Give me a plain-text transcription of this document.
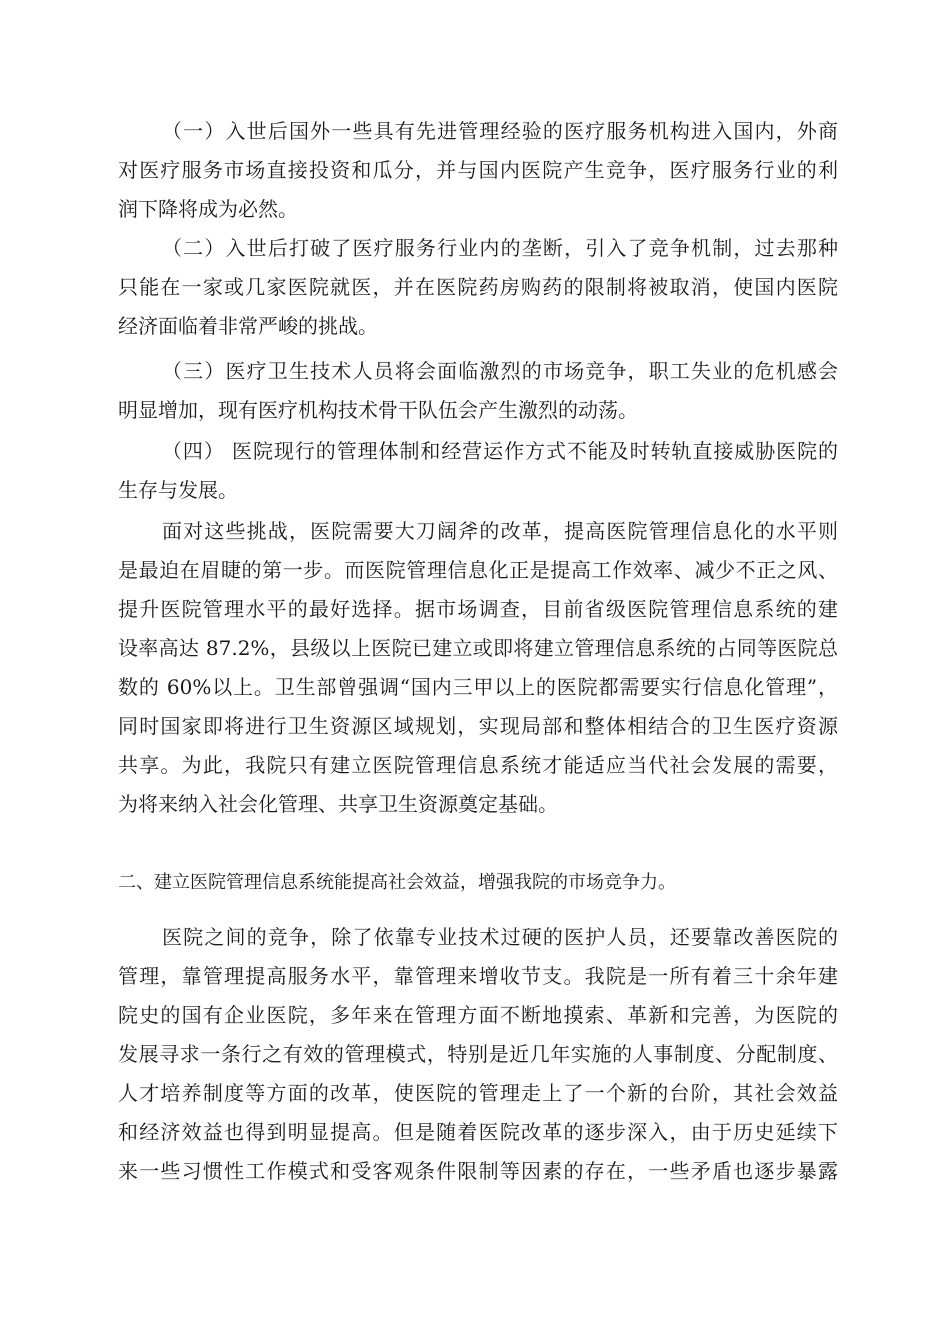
（一）入世后国外一些具有先进管理经验的医疗服务机构进入国内，外商
对医疗服务市场直接投资和瓜分，并与国内医院产生竞争，医疗服务行业的利
润下降将成为必然。
（二）入世后打破了医疗服务行业内的垄断，引入了竞争机制，过去那种
只能在一家或几家医院就医，并在医院药房购药的限制将被取消，使国内医院
经济面临着非常严峻的挑战。
（三）医疗卫生技术人员将会面临激烈的市场竞争，职工失业的危机感会
明显增加，现有医疗机构技术骨干队伍会产生激烈的动荡。
（四） 医院现行的管理体制和经营运作方式不能及时转轨直接威胁医院的
生存与发展。
面对这些挑战，医院需要大刀阔斧的改革，提高医院管理信息化的水平则
是最迫在眉睫的第一步。而医院管理信息化正是提高工作效率、减少不正之风、
提升医院管理水平的最好选择。据市场调查，目前省级医院管理信息系统的建
设率高达 87.2%，县级以上医院已建立或即将建立管理信息系统的占同等医院总
数的 60%以上。卫生部曾强调“国内三甲以上的医院都需要实行信息化管理”，
同时国家即将进行卫生资源区域规划，实现局部和整体相结合的卫生医疗资源
共享。为此，我院只有建立医院管理信息系统才能适应当代社会发展的需要，
为将来纳入社会化管理、共享卫生资源奠定基础。
二、建立医院管理信息系统能提高社会效益，增强我院的市场竞争力。
医院之间的竞争，除了依靠专业技术过硬的医护人员，还要靠改善医院的
管理，靠管理提高服务水平，靠管理来增收节支。我院是一所有着三十余年建
院史的国有企业医院，多年来在管理方面不断地摸索、革新和完善，为医院的
发展寻求一条行之有效的管理模式，特别是近几年实施的人事制度、分配制度、
人才培养制度等方面的改革，使医院的管理走上了一个新的台阶，其社会效益
和经济效益也得到明显提高。但是随着医院改革的逐步深入，由于历史延续下
来一些习惯性工作模式和受客观条件限制等因素的存在，一些矛盾也逐步暴露
